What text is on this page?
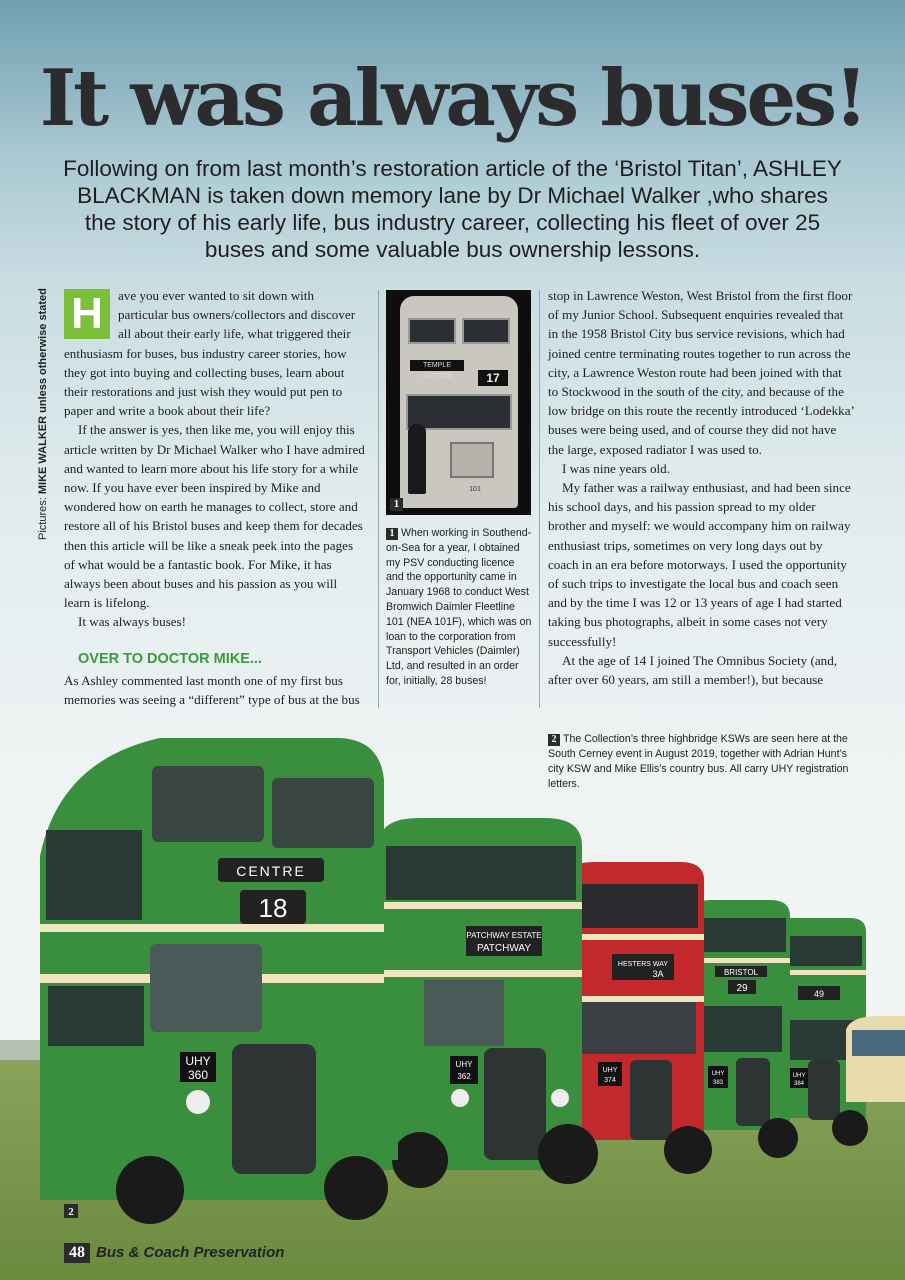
It was always buses!

Following on from last month’s restoration article of the ‘Bristol Titan’, ASHLEY BLACKMAN is taken down memory lane by Dr Michael Walker ,who shares the story of his early life, bus industry career, collecting his fleet of over 25 buses and some valuable bus ownership lessons.

Pictures: MIKE WALKER unless otherwise stated H	ave you ever wanted to sit down with particular bus owners/collectors and discover all about their early life, what triggered their enthusiasm for buses, bus industry career stories, how they got into buying and collecting buses, learn about their restorations and just wish they would put pen to paper and write a book about their life?

If the answer is yes, then like me, you will enjoy this article written by Dr Michael Walker who I have admired and wanted to learn more about his life story for a while now. If you have ever been inspired by Mike and wondered how on earth he manages to collect, store and restore all of his Bristol buses and keep them for decades then this article will be like a sneak peek into the pages of what would be a fantastic book. For Mike, it has always been about buses and his passion as you will learn is lifelong.

It was always buses!

OVER TO DOCTOR MIKE...

As Ashley commented last month one of my first bus memories was seeing a “different” type of bus at the bus

TEMPLE SUTTON	17
101
1

1 When working in Southend-on-Sea for a year, I obtained my PSV conducting licence and the opportunity came in January 1968 to conduct West Bromwich Daimler Fleetline 101 (NEA 101F), which was on loan to the corporation from Transport Vehicles (Daimler) Ltd, and resulted in an order for, initially, 28 buses!

stop in Lawrence Weston, West Bristol from the first floor of my Junior School. Subsequent enquiries revealed that in the 1958 Bristol City bus service revisions, which had joined centre terminating routes together to run across the city, a Lawrence Weston route had been joined with that to Stockwood in the south of the city, and because of the low bridge on this route the recently introduced ‘Lodekka’ buses were being used, and of course they did not have the large, exposed radiator I was used to.

I was nine years old.

My father was a railway enthusiast, and had been since his school days, and his passion spread to my older brother and myself: we would accompany him on railway enthusiast trips, sometimes on very long days out by coach in an era before motorways. I used the opportunity of such trips to investigate the local bus and coach seen and by the time I was 12 or 13 years of age I had started taking bus photographs, albeit in some cases not very successfully!

At the age of 14 I joined The Omnibus Society (and, after over 60 years, am still a member!), but because

49
UHY
384
BRISTOL
29
UHY
383
HESTERS WAY
3A
UHY
374
PATCHWAY ESTATE
PATCHWAY
UHY
362
CENTRE
18
UHY
360
2

2 The Collection’s three highbridge KSWs are seen here at the South Cerney event in August 2019, together with Adrian Hunt’s city KSW and Mike Ellis’s country bus. All carry UHY registration letters.

48 Bus & Coach Preservation
